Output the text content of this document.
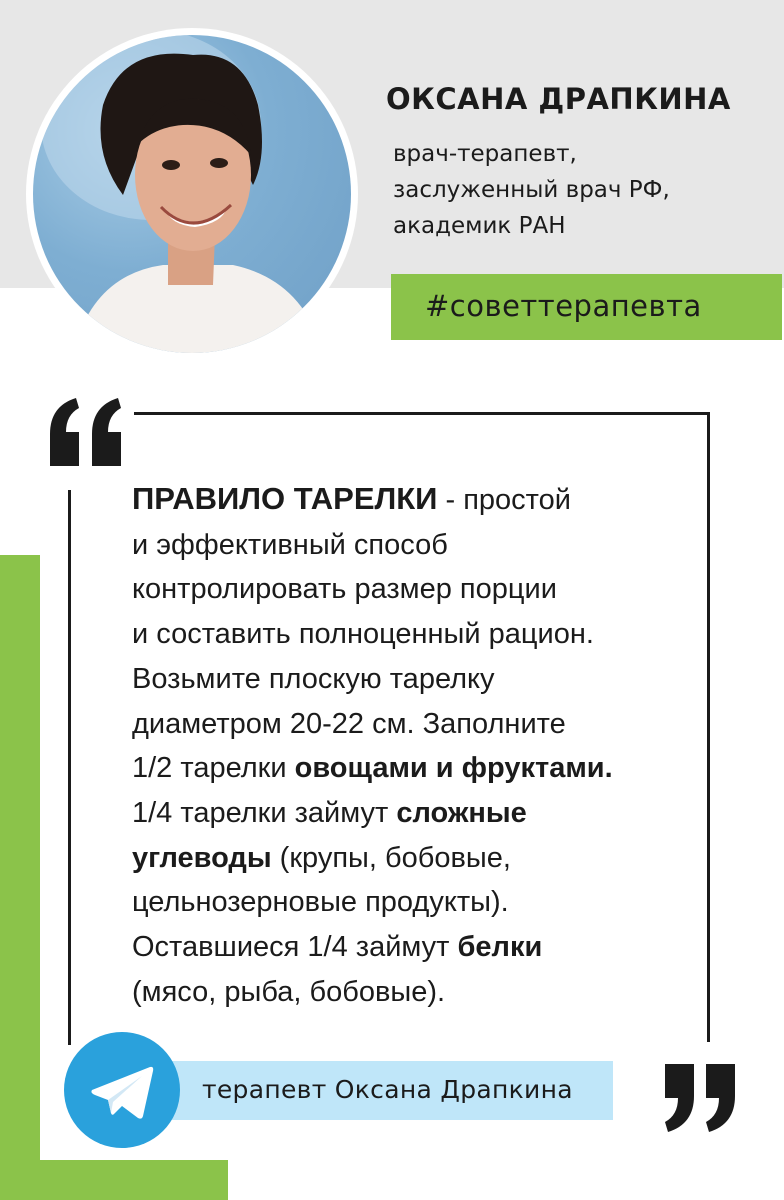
ОКСАНА ДРАПКИНА
врач-терапевт,
заслуженный врач РФ,
академик РАН
#советтерапевта
ПРАВИЛО ТАРЕЛКИ - простой
и эффективный способ
контролировать размер порции
и составить полноценный рацион.
Возьмите плоскую тарелку
диаметром 20-22 см. Заполните
1/2 тарелки овощами и фруктами.
1/4 тарелки займут сложные
углеводы (крупы, бобовые,
цельнозерновые продукты).
Оставшиеся 1/4 займут белки
(мясо, рыба, бобовые).
терапевт Оксана Драпкина
